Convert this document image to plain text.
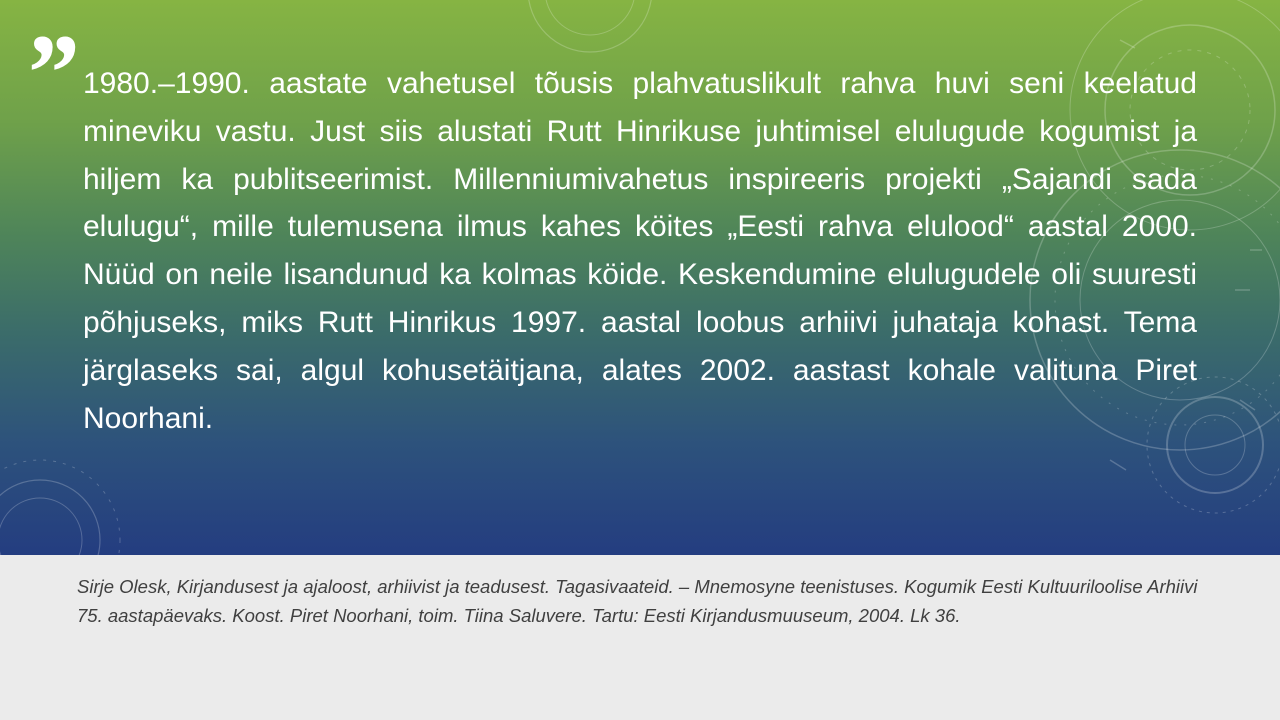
” 1980.–1990. aastate vahetusel tõusis plahvatuslikult rahva huvi seni keelatud mineviku vastu. Just siis alustati Rutt Hinrikuse juhtimisel elulugude kogumist ja hiljem ka publitseerimist. Millenniumivahetus inspireeris projekti „Sajandi sada elulugu“, mille tulemusena ilmus kahes köites „Eesti rahva elulood“ aastal 2000. Nüüd on neile lisandunud ka kolmas köide. Keskendumine elulugudele oli suuresti põhjuseks, miks Rutt Hinrikus 1997. aastal loobus arhiivi juhataja kohast. Tema järglaseks sai, algul kohusetäitjana, alates 2002. aastast kohale valituna Piret Noorhani.

Sirje Olesk, Kirjandusest ja ajaloost, arhiivist ja teadusest. Tagasivaateid. – Mnemosyne teenistuses. Kogumik Eesti Kultuuriloolise Arhiivi 75. aastapäevaks. Koost. Piret Noorhani, toim. Tiina Saluvere. Tartu: Eesti Kirjandusmuuseum, 2004. Lk 36.
